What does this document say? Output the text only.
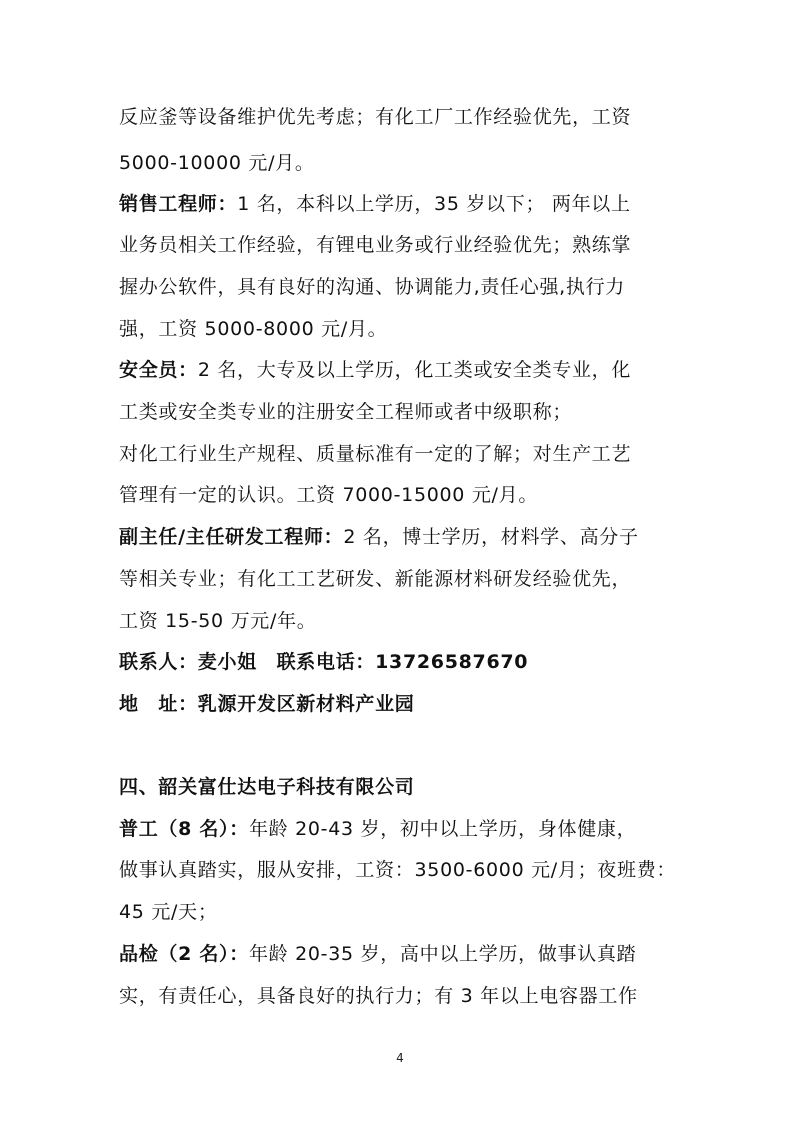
反应釜等设备维护优先考虑；有化工厂工作经验优先，工资
5000-10000 元/月。
销售工程师：1 名，本科以上学历，35 岁以下； 两年以上
业务员相关工作经验，有锂电业务或行业经验优先；熟练掌
握办公软件，具有良好的沟通、协调能力,责任心强,执行力
强，工资 5000-8000 元/月。
安全员：2 名，大专及以上学历，化工类或安全类专业，化
工类或安全类专业的注册安全工程师或者中级职称；
对化工行业生产规程、质量标准有一定的了解；对生产工艺
管理有一定的认识。工资 7000-15000 元/月。
副主任/主任研发工程师：2 名，博士学历，材料学、高分子
等相关专业；有化工工艺研发、新能源材料研发经验优先，
工资 15-50 万元/年。
联系人：麦小姐　联系电话：13726587670
地　址：乳源开发区新材料产业园
四、韶关富仕达电子科技有限公司
普工（8 名）：年龄 20-43 岁，初中以上学历，身体健康，
做事认真踏实，服从安排，工资：3500-6000 元/月；夜班费：
45 元/天；
品检（2 名）：年龄 20-35 岁，高中以上学历，做事认真踏
实，有责任心，具备良好的执行力；有 3 年以上电容器工作
4
